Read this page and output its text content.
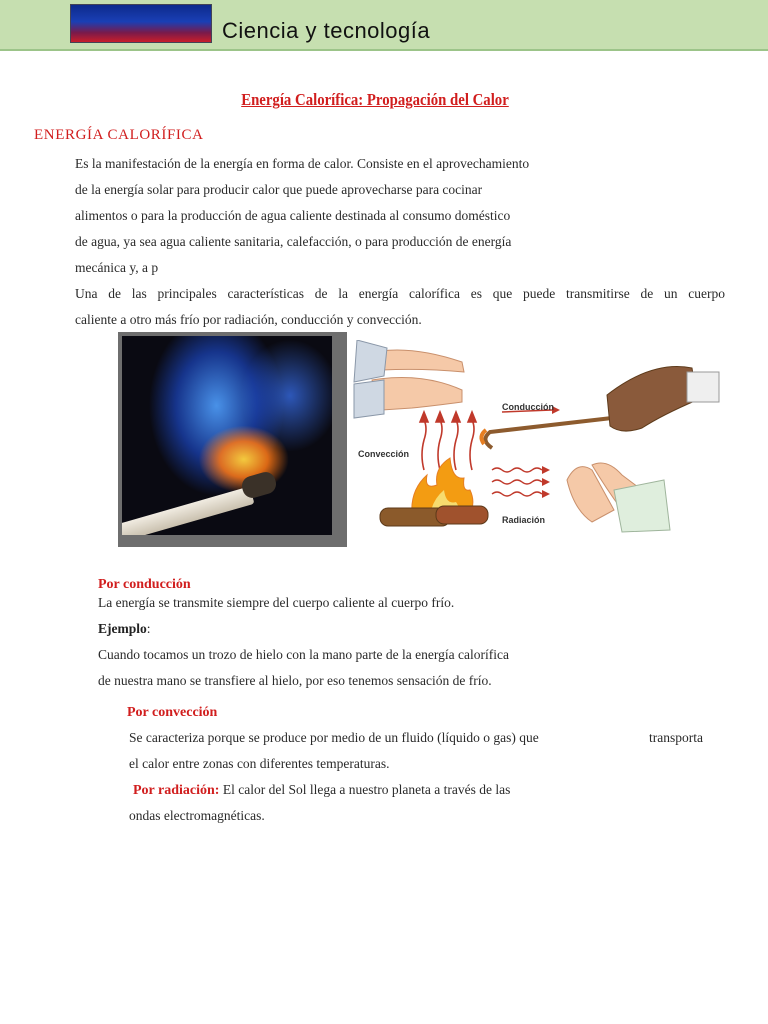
Ciencia y tecnología
Energía Calorífica: Propagación del Calor
ENERGÍA CALORÍFICA
Es la manifestación de la energía en forma de calor. Consiste en el aprovechamiento
de la energía solar para producir calor que puede aprovecharse para cocinar
alimentos o para la producción de agua caliente destinada al consumo doméstico
de agua, ya sea agua caliente sanitaria, calefacción, o para producción de energía
mecánica y, a p
Una de las principales características de la energía calorífica es que puede transmitirse de un cuerpo
caliente a otro más frío por radiación, conducción y convección.
Conducción
Convección
Radiación
Por conducción
La energía se transmite siempre del cuerpo caliente al cuerpo frío.
Ejemplo:
Cuando tocamos un trozo de hielo con la mano parte de la energía calorífica
de nuestra mano se transfiere al hielo, por eso tenemos sensación de frío.
Por convección
Se caracteriza porque se produce por medio de un fluido (líquido o gas) que	transporta
el calor entre zonas con diferentes temperaturas.
Por radiación: El calor del Sol llega a nuestro planeta a través de las
ondas electromagnéticas.
